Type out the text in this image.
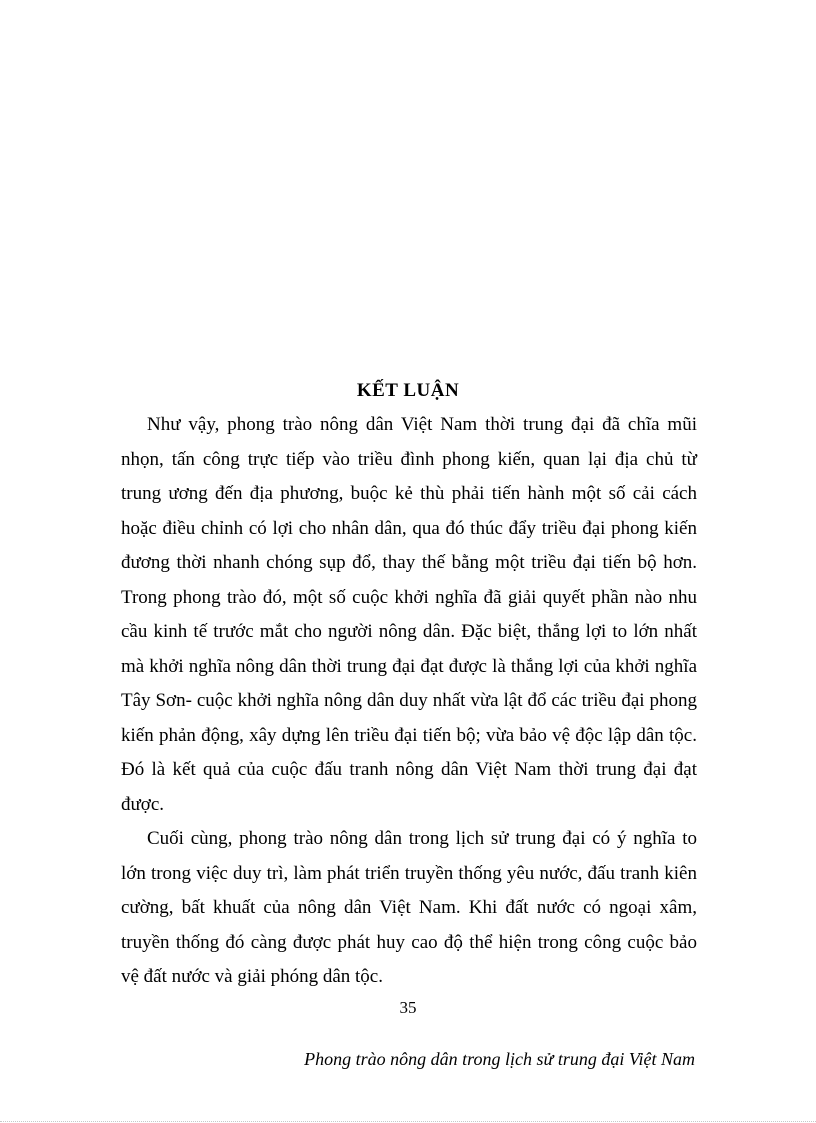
KẾT LUẬN

Như vậy, phong trào nông dân Việt Nam thời trung đại đã chĩa mũi nhọn, tấn công trực tiếp vào triều đình phong kiến, quan lại địa chủ từ trung ương đến địa phương, buộc kẻ thù phải tiến hành một số cải cách hoặc điều chỉnh có lợi cho nhân dân, qua đó thúc đẩy triều đại phong kiến đương thời nhanh chóng sụp đổ, thay thế bằng một triều đại tiến bộ hơn. Trong phong trào đó, một số cuộc khởi nghĩa đã giải quyết phần nào nhu cầu kinh tế trước mắt cho người nông dân. Đặc biệt, thắng lợi to lớn nhất mà khởi nghĩa nông dân thời trung đại đạt được là thắng lợi của khởi nghĩa Tây Sơn- cuộc khởi nghĩa nông dân duy nhất vừa lật đổ các triều đại phong kiến phản động, xây dựng lên triều đại tiến bộ; vừa bảo vệ độc lập dân tộc. Đó là kết quả của cuộc đấu tranh nông dân Việt Nam thời trung đại đạt được.

Cuối cùng, phong trào nông dân trong lịch sử trung đại có ý nghĩa to lớn trong việc duy trì, làm phát triển truyền thống yêu nước, đấu tranh kiên cường, bất khuất của nông dân Việt Nam. Khi đất nước có ngoại xâm, truyền thống đó càng được phát huy cao độ thể hiện trong công cuộc bảo vệ đất nước và giải phóng dân tộc.

35
Phong trào nông dân trong lịch sử trung đại Việt Nam
